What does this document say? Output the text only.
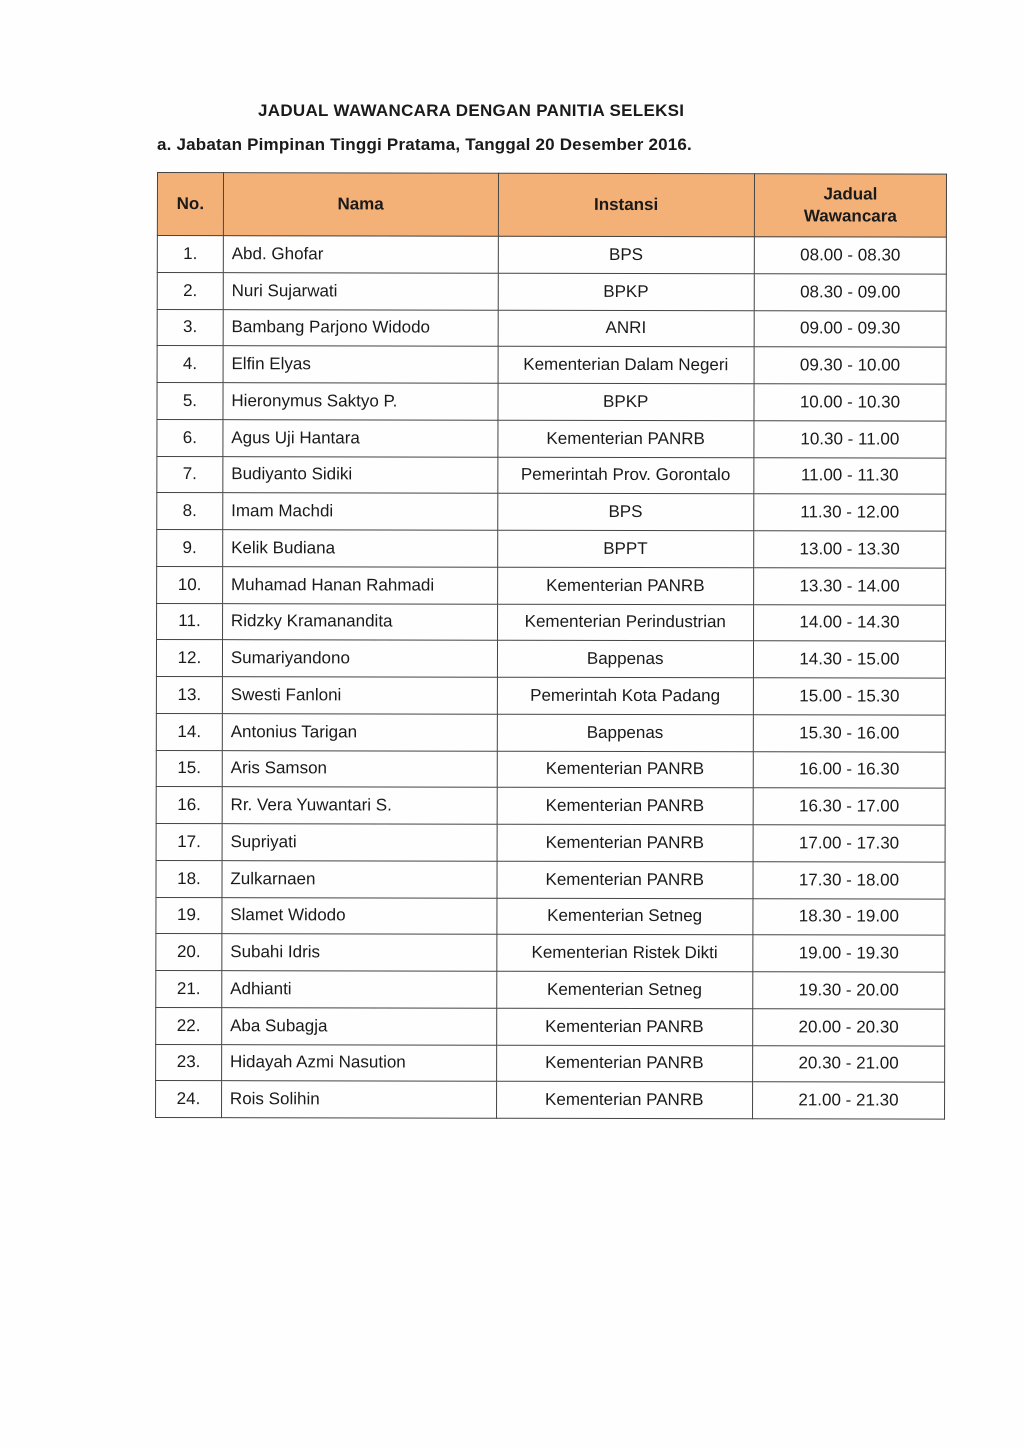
JADUAL WAWANCARA DENGAN PANITIA SELEKSI
a. Jabatan Pimpinan Tinggi Pratama, Tanggal 20 Desember 2016.
No.	Nama	Instansi	Jadual
Wawancara
1.	Abd. Ghofar	BPS	08.00 - 08.30
2.	Nuri Sujarwati	BPKP	08.30 - 09.00
3.	Bambang Parjono Widodo	ANRI	09.00 - 09.30
4.	Elfin Elyas	Kementerian Dalam Negeri	09.30 - 10.00
5.	Hieronymus Saktyo P.	BPKP	10.00 - 10.30
6.	Agus Uji Hantara	Kementerian PANRB	10.30 - 11.00
7.	Budiyanto Sidiki	Pemerintah Prov. Gorontalo	11.00 - 11.30
8.	Imam Machdi	BPS	11.30 - 12.00
9.	Kelik Budiana	BPPT	13.00 - 13.30
10.	Muhamad Hanan Rahmadi	Kementerian PANRB	13.30 - 14.00
11.	Ridzky Kramanandita	Kementerian Perindustrian	14.00 - 14.30
12.	Sumariyandono	Bappenas	14.30 - 15.00
13.	Swesti Fanloni	Pemerintah Kota Padang	15.00 - 15.30
14.	Antonius Tarigan	Bappenas	15.30 - 16.00
15.	Aris Samson	Kementerian PANRB	16.00 - 16.30
16.	Rr. Vera Yuwantari S.	Kementerian PANRB	16.30 - 17.00
17.	Supriyati	Kementerian PANRB	17.00 - 17.30
18.	Zulkarnaen	Kementerian PANRB	17.30 - 18.00
19.	Slamet Widodo	Kementerian Setneg	18.30 - 19.00
20.	Subahi Idris	Kementerian Ristek Dikti	19.00 - 19.30
21.	Adhianti	Kementerian Setneg	19.30 - 20.00
22.	Aba Subagja	Kementerian PANRB	20.00 - 20.30
23.	Hidayah Azmi Nasution	Kementerian PANRB	20.30 - 21.00
24.	Rois Solihin	Kementerian PANRB	21.00 - 21.30
